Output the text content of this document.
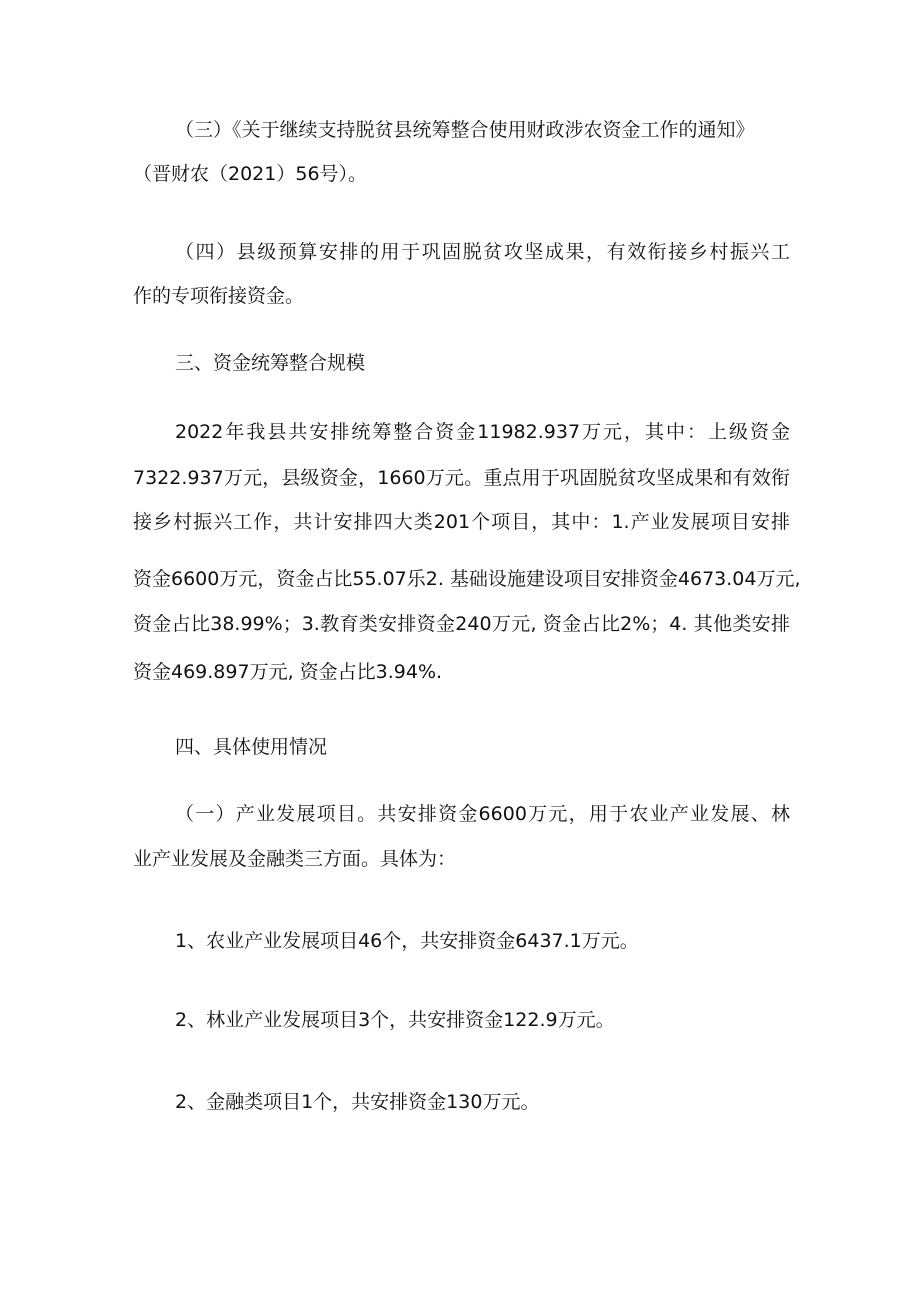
（三）《关于继续支持脱贫县统筹整合使用财政涉农资金工作的通知》
（晋财农（2021）56号）。
（四）县级预算安排的用于巩固脱贫攻坚成果，有效衔接乡村振兴工
作的专项衔接资金。
三、资金统筹整合规模
2022年我县共安排统筹整合资金11982.937万元，其中：上级资金
7322.937万元，县级资金，1660万元。重点用于巩固脱贫攻坚成果和有效衔
接乡村振兴工作，共计安排四大类201个项目，其中：1.产业发展项目安排
资金6600万元，资金占比55.07乐2. 基础设施建设项目安排资金4673.04万元,
资金占比38.99%；3.教育类安排资金240万元, 资金占比2%；4. 其他类安排
资金469.897万元, 资金占比3.94%.
四、具体使用情况
（一）产业发展项目。共安排资金6600万元，用于农业产业发展、林
业产业发展及金融类三方面。具体为：
1、农业产业发展项目46个，共安排资金6437.1万元。
2、林业产业发展项目3个，共安排资金122.9万元。
2、金融类项目1个，共安排资金130万元。
